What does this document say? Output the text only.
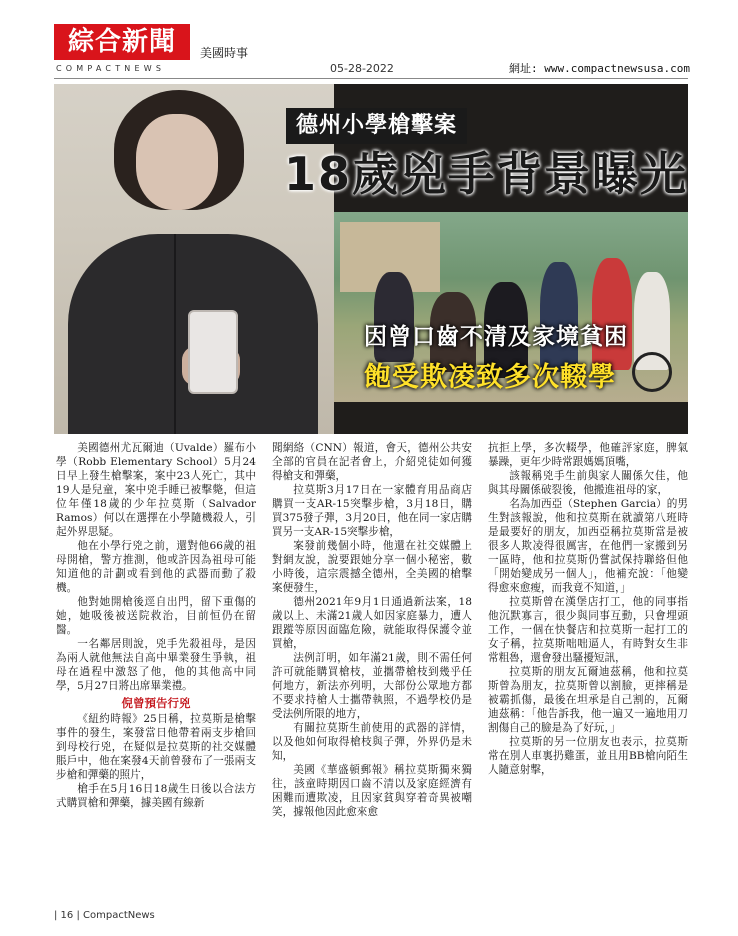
綜合新聞
COMPACTNEWS
美國時事
05-28-2022	網址: www.compactnewsusa.com
德州小學槍擊案
18歲兇手背景曝光
因曾口齒不清及家境貧困
飽受欺凌致多次輟學

美國德州尤瓦爾迪（Uvalde）羅布小學（Robb Elementary School）5月24日早上發生槍擊案，案中23人死亡，其中19人是兒童，案中兇手睡已被擊斃，但這位年僅18歲的少年拉莫斯（Salvador Ramos）何以在選擇在小學隨機殺人，引起外界思疑。

他在小學行兇之前，還對他66歲的祖母開槍，警方推測，他或許因為祖母可能知道他的計劃或看到他的武器而動了殺機。

他對她開槍後逕自出門，留下重傷的她，她吸後被送院救治，目前恒仍在留醫。

一名鄰居則說，兇手先殺祖母，是因為兩人就他無法自高中畢業發生爭執，祖母在過程中激怒了他，他的其他高中同學，5月27日將出席畢業禮。

倪曾預告行兇

《紐約時報》25日稱，拉莫斯是槍擊事件的發生，案發當日他帶着兩支步槍回到母校行兇，在疑似是拉莫斯的社交媒體賬戶中，他在案發4天前曾發布了一張兩支步槍和彈藥的照片，

槍手在5月16日18歲生日後以合法方式購買槍和彈藥，據美國有線新

聞網絡（CNN）報道，會天，德州公共安全部的官員在記者會上，介紹兇徒如何獲得槍支和彈藥，

拉莫斯3月17日在一家體育用品商店購買一支AR-15突擊步槍，3月18日，購買375發子彈，3月20日，他在同一家店購買另一支AR-15突擊步槍，

案發前幾個小時，他還在社交媒體上對網友說，說要跟她分享一個小秘密，數小時後，這宗震撼全德州，全美國的槍擊案便發生，

德州2021年9月1日通過新法案，18歲以上、未滿21歲人如因家庭暴力，遭人跟蹤等原因面臨危險，就能取得保護令並買槍，

法例訂明，如年滿21歲，則不需任何許可就能購買槍枝，並攜帶槍枝到幾乎任何地方，新法亦列明，大部份公眾地方都不要求持槍人士攜帶執照，不過學校仍是受法例所限的地方，

有關拉莫斯生前使用的武器的詳情，以及他如何取得槍枝與子彈，外界仍是未知，

美國《華盛頓郵報》稱拉莫斯獨來獨往，該童時期因口齒不清以及家庭經濟有困難而遭欺凌，且因家貧與穿着奇異被嘲笑，據報他因此愈來愈

抗拒上學，多次輟學，他確評家庭，脾氣暴躁，更年少時常跟媽媽頂嘴，

該報稱兇手生前與家人關係欠佳，他與其母關係破裂後，他搬進祖母的家，

名為加西亞（Stephen Garcia）的男生對該報說，他和拉莫斯在就讀第八班時是最要好的朋友，加西亞稱拉莫斯當是被很多人欺凌得很厲害，在他們一家搬到另一區時，他和拉莫斯仍嘗試保持聯絡但他「開始變成另一個人」，他補充說：「他變得愈來愈瘦，而我竟不知道，」

拉莫斯曾在漢堡店打工，他的同事指他沉默寡言，很少與同事互動，只會埋頭工作，一個在快餐店和拉莫斯一起打工的女子稱，拉莫斯咄咄逼人，有時對女生非常粗魯，還會發出騷擾短訊，

拉莫斯的朋友瓦爾迪茲稱，他和拉莫斯曾為朋友，拉莫斯曾以割臉，更摔稱是被霸抓傷，最後在坦承是自己割的，瓦爾迪茲稱：「他告訴我，他一遍又一遍地用刀割傷自己的臉是為了好玩，」

拉莫斯的另一位朋友也表示，拉莫斯常在別人車裏扔雞蛋，並且用BB槍向陌生人隨意射擊，

| 16 | CompactNews
